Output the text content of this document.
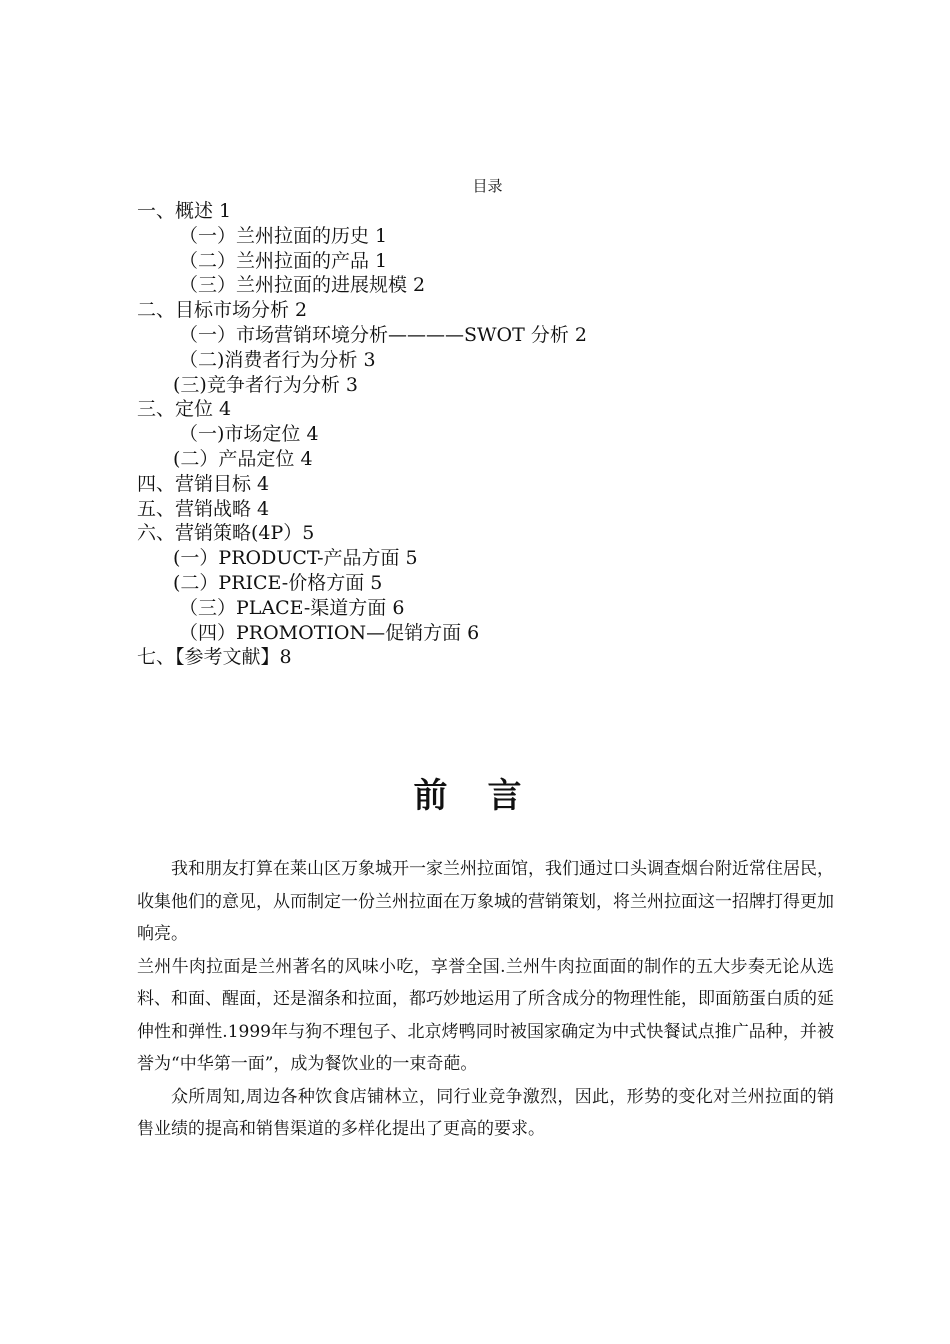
目录
一、概述 1
（一）兰州拉面的历史 1
（二）兰州拉面的产品 1
（三）兰州拉面的进展规模 2
二、目标市场分析 2
（一）市场营销环境分析————SWOT 分析 2
（二)消费者行为分析 3
(三)竞争者行为分析 3
三、定位 4
（一)市场定位 4
(二）产品定位 4
四、营销目标 4
五、营销战略 4
六、营销策略(4P）5
(一）PRODUCT-产品方面 5
(二）PRICE-价格方面 5
（三）PLACE-渠道方面 6
（四）PROMOTION—促销方面 6
七、【参考文献】8
前言

我和朋友打算在莱山区万象城开一家兰州拉面馆，我们通过口头调查烟台附近常住居民，收集他们的意见，从而制定一份兰州拉面在万象城的营销策划，将兰州拉面这一招牌打得更加响亮。

兰州牛肉拉面是兰州著名的风味小吃，享誉全国.兰州牛肉拉面面的制作的五大步奏无论从选料、和面、醒面，还是溜条和拉面，都巧妙地运用了所含成分的物理性能，即面筋蛋白质的延伸性和弹性.1999年与狗不理包子、北京烤鸭同时被国家确定为中式快餐试点推广品种，并被誉为“中华第一面”，成为餐饮业的一束奇葩。

众所周知,周边各种饮食店铺林立，同行业竞争激烈，因此，形势的变化对兰州拉面的销售业绩的提高和销售渠道的多样化提出了更高的要求。
